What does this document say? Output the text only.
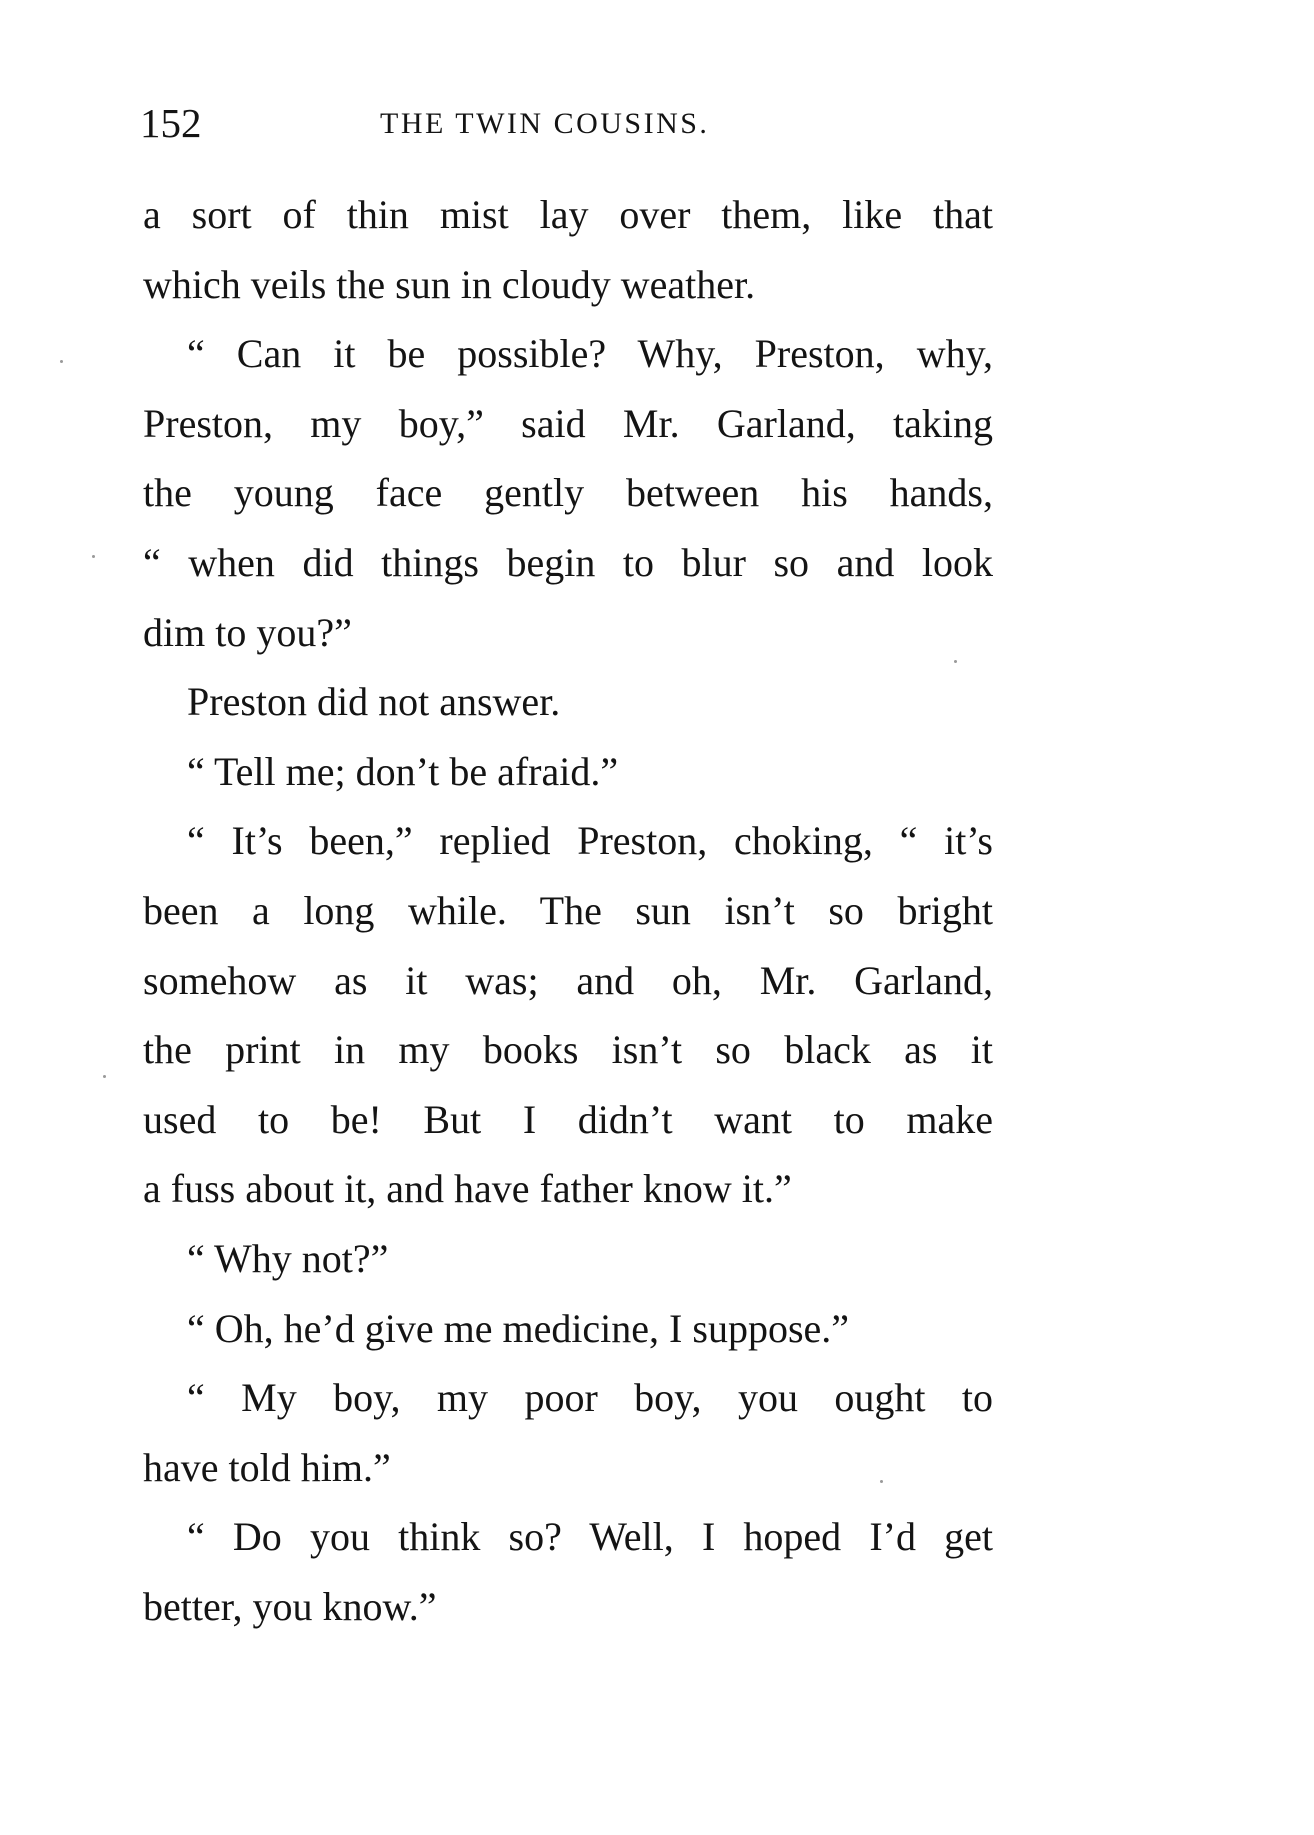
152	THE TWIN COUSINS.
a sort of thin mist lay over them, like that
which veils the sun in cloudy weather.
“ Can it be possible? Why, Preston, why,
Preston, my boy,” said Mr. Garland, taking
the young face gently between his hands,
“ when did things begin to blur so and look
dim to you?”
Preston did not answer.
“ Tell me; don’t be afraid.”
“ It’s been,” replied Preston, choking, “ it’s
been a long while. The sun isn’t so bright
somehow as it was; and oh, Mr. Garland,
the print in my books isn’t so black as it
used to be! But I didn’t want to make
a fuss about it, and have father know it.”
“ Why not?”
“ Oh, he’d give me medicine, I suppose.”
“ My boy, my poor boy, you ought to
have told him.”
“ Do you think so? Well, I hoped I’d get
better, you know.”
